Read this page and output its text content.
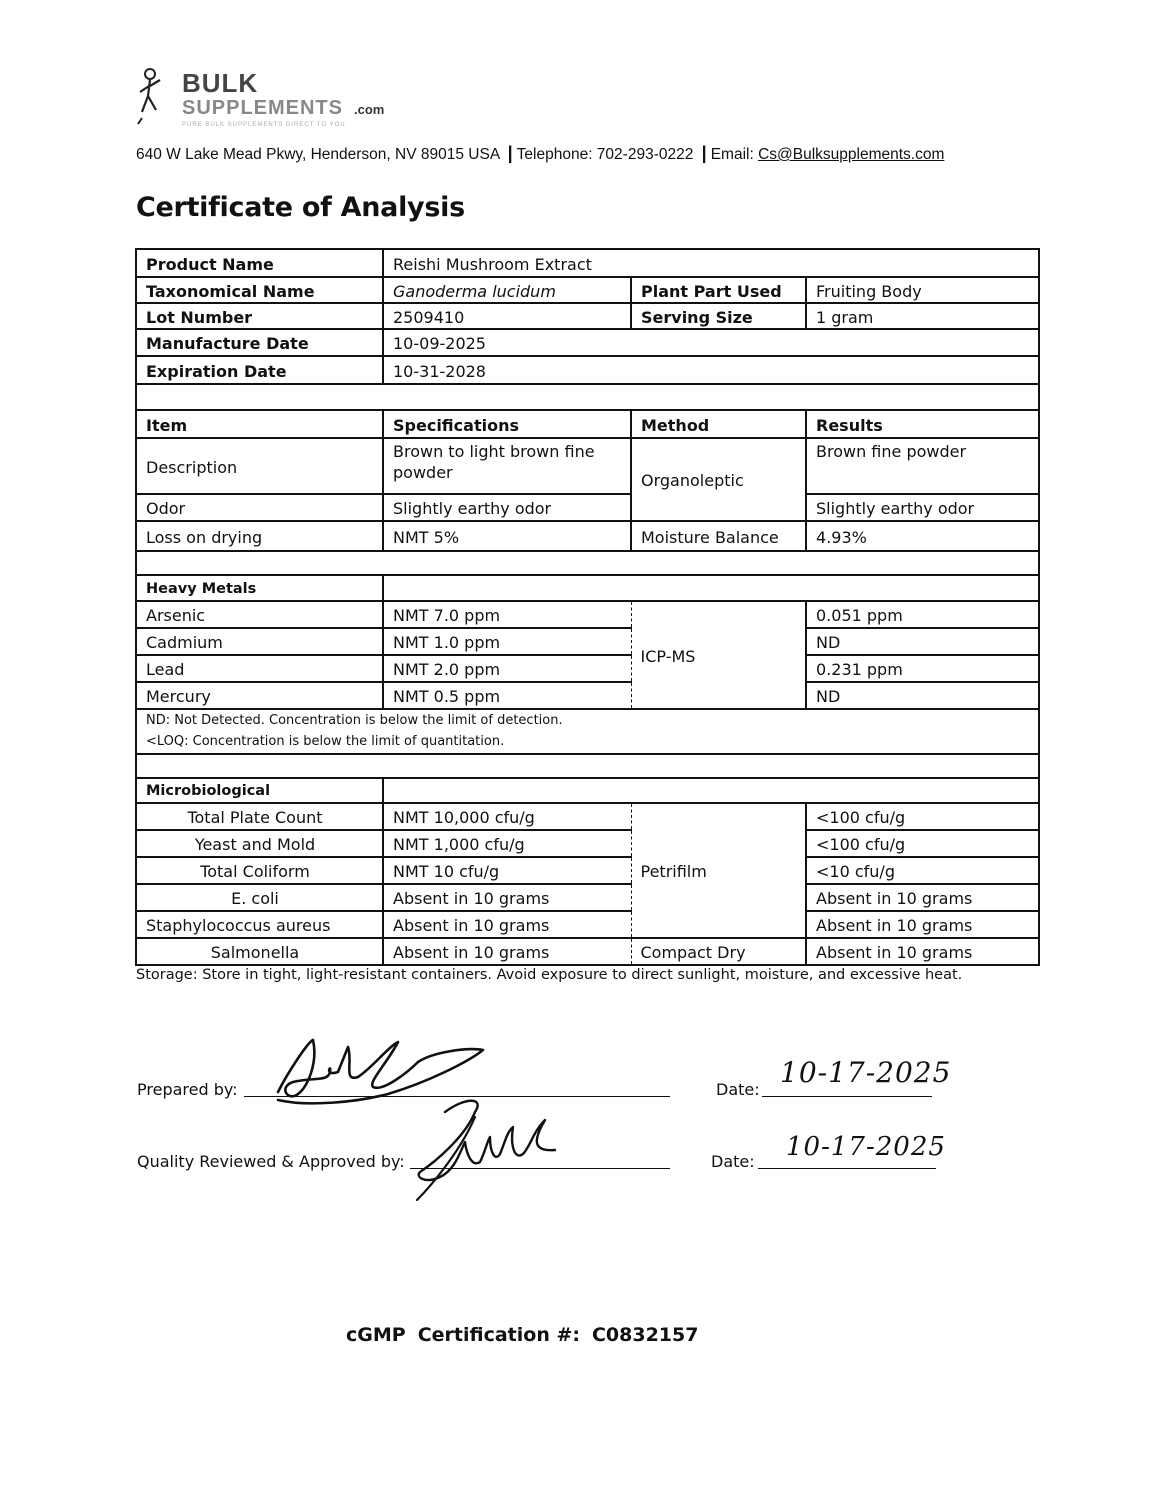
BULK
SUPPLEMENTS .com
PURE BULK SUPPLEMENTS DIRECT TO YOU
640 W Lake Mead Pkwy, Henderson, NV 89015 USA | Telephone: 702-293-0222 | Email: Cs@Bulksupplements.com
Certificate of Analysis
Product Name	Reishi Mushroom Extract		
Taxonomical Name	Ganoderma lucidum	Plant Part Used	Fruiting Body
Lot Number	2509410	Serving Size	1 gram
Manufacture Date	10-09-2025		
Expiration Date	10-31-2028		

Item	Specifications	Method	Results
Description	Brown to light brown fine powder	Organoleptic	Brown fine powder
Odor	Slightly earthy odor		Slightly earthy odor
Loss on drying	NMT 5%	Moisture Balance	4.93%

Heavy Metals			
Arsenic	NMT 7.0 ppm	ICP-MS	0.051 ppm
Cadmium	NMT 1.0 ppm		ND
Lead	NMT 2.0 ppm		0.231 ppm
Mercury	NMT 0.5 ppm		ND

ND: Not Detected. Concentration is below the limit of detection.
<LOQ: Concentration is below the limit of quantitation.			

Microbiological			
Total Plate Count	NMT 10,000 cfu/g	Petrifilm	<100 cfu/g
Yeast and Mold	NMT 1,000 cfu/g		<100 cfu/g
Total Coliform	NMT 10 cfu/g		<10 cfu/g
E. coli	Absent in 10 grams		Absent in 10 grams
Staphylococcus aureus	Absent in 10 grams		Absent in 10 grams
Salmonella	Absent in 10 grams	Compact Dry	Absent in 10 grams
Storage: Store in tight, light-resistant containers. Avoid exposure to direct sunlight, moisture, and excessive heat.
Prepared by:	Date:
10-17-2025
Quality Reviewed & Approved by:	Date: 10-17-2025
cGMP Certification #: C0832157
